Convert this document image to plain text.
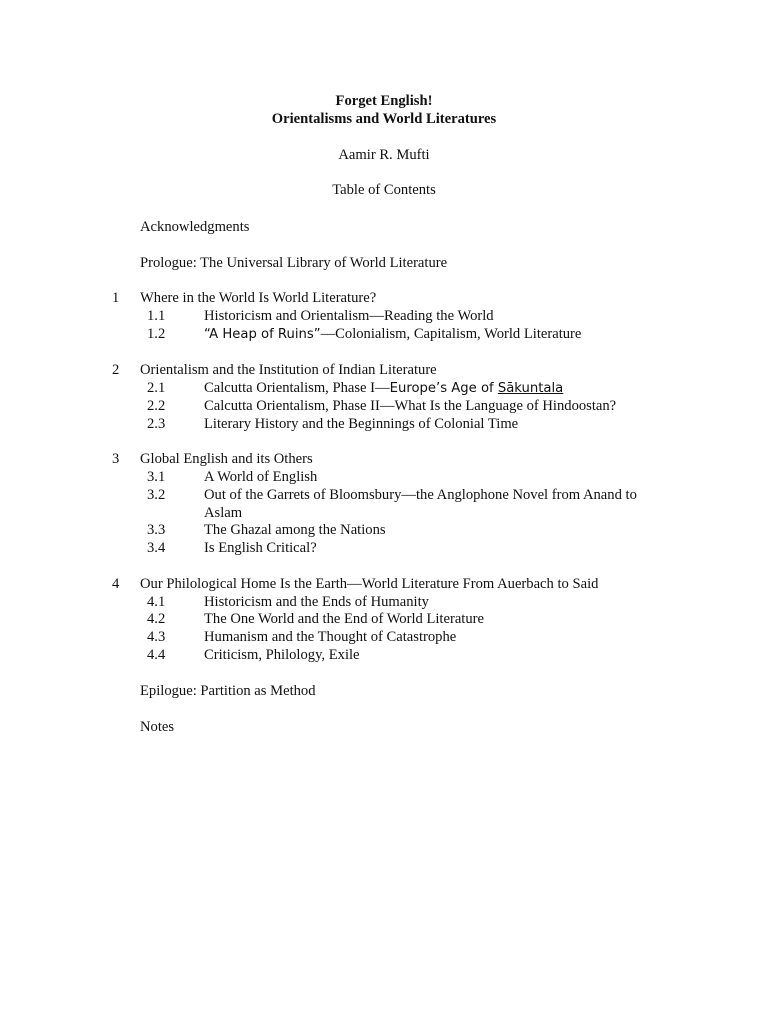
Forget English!
Orientalisms and World Literatures
Aamir R. Mufti
Table of Contents
Acknowledgments
Prologue: The Universal Library of World Literature
1 Where in the World Is World Literature?
1.1	Historicism and Orientalism—Reading the World
1.2	“A Heap of Ruins”—Colonialism, Capitalism, World Literature
2 Orientalism and the Institution of Indian Literature
2.1	Calcutta Orientalism, Phase I—Europe’s Age of Sākuntala
2.2	Calcutta Orientalism, Phase II—What Is the Language of Hindoostan?
2.3	Literary History and the Beginnings of Colonial Time
3 Global English and its Others
3.1	A World of English
3.2	Out of the Garrets of Bloomsbury—the Anglophone Novel from Anand to
Aslam
3.3	The Ghazal among the Nations
3.4	Is English Critical?
4 Our Philological Home Is the Earth—World Literature From Auerbach to Said
4.1	Historicism and the Ends of Humanity
4.2	The One World and the End of World Literature
4.3	Humanism and the Thought of Catastrophe
4.4	Criticism, Philology, Exile
Epilogue: Partition as Method
Notes
